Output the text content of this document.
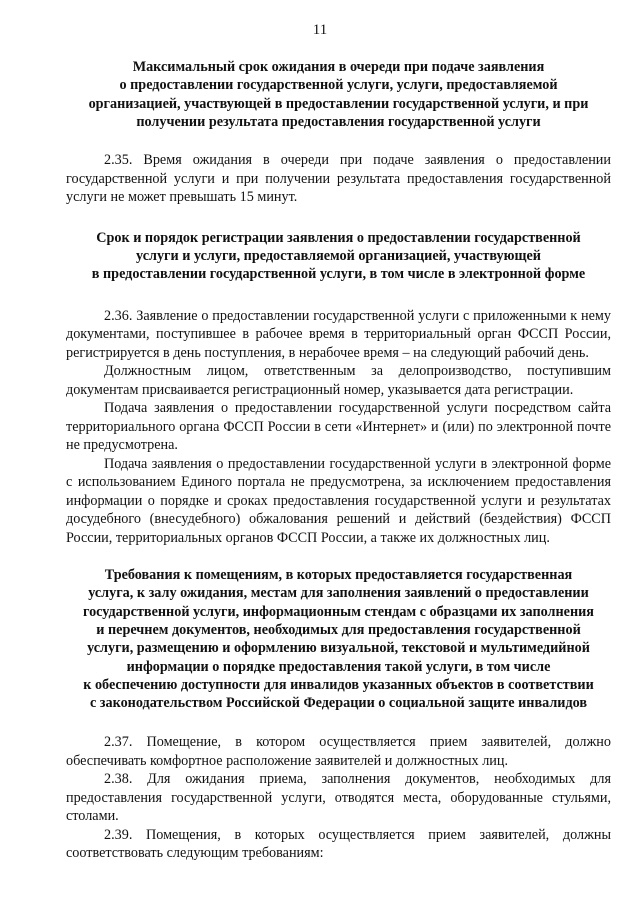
11
Максимальный срок ожидания в очереди при подаче заявления
о предоставлении государственной услуги, услуги, предоставляемой
организацией, участвующей в предоставлении государственной услуги, и при
получении результата предоставления государственной услуги

2.35. Время ожидания в очереди при подаче заявления о предоставлении государственной услуги и при получении результата предоставления государственной услуги не может превышать 15 минут.

Срок и порядок регистрации заявления о предоставлении государственной
услуги и услуги, предоставляемой организацией, участвующей
в предоставлении государственной услуги, в том числе в электронной форме

2.36. Заявление о предоставлении государственной услуги с приложенными к нему документами, поступившее в рабочее время в территориальный орган ФССП России, регистрируется в день поступления, в нерабочее время – на следующий рабочий день.

Должностным лицом, ответственным за делопроизводство, поступившим документам присваивается регистрационный номер, указывается дата регистрации.

Подача заявления о предоставлении государственной услуги посредством сайта территориального органа ФССП России в сети «Интернет» и (или) по электронной почте не предусмотрена.

Подача заявления о предоставлении государственной услуги в электронной форме с использованием Единого портала не предусмотрена, за исключением предоставления информации о порядке и сроках предоставления государственной услуги и результатах досудебного (внесудебного) обжалования решений и действий (бездействия) ФССП России, территориальных органов ФССП России, а также их должностных лиц.

Требования к помещениям, в которых предоставляется государственная
услуга, к залу ожидания, местам для заполнения заявлений о предоставлении
государственной услуги, информационным стендам с образцами их заполнения
и перечнем документов, необходимых для предоставления государственной
услуги, размещению и оформлению визуальной, текстовой и мультимедийной
информации о порядке предоставления такой услуги, в том числе
к обеспечению доступности для инвалидов указанных объектов в соответствии
с законодательством Российской Федерации о социальной защите инвалидов

2.37. Помещение, в котором осуществляется прием заявителей, должно обеспечивать комфортное расположение заявителей и должностных лиц.

2.38. Для ожидания приема, заполнения документов, необходимых для предоставления государственной услуги, отводятся места, оборудованные стульями, столами.

2.39. Помещения, в которых осуществляется прием заявителей, должны соответствовать следующим требованиям:
